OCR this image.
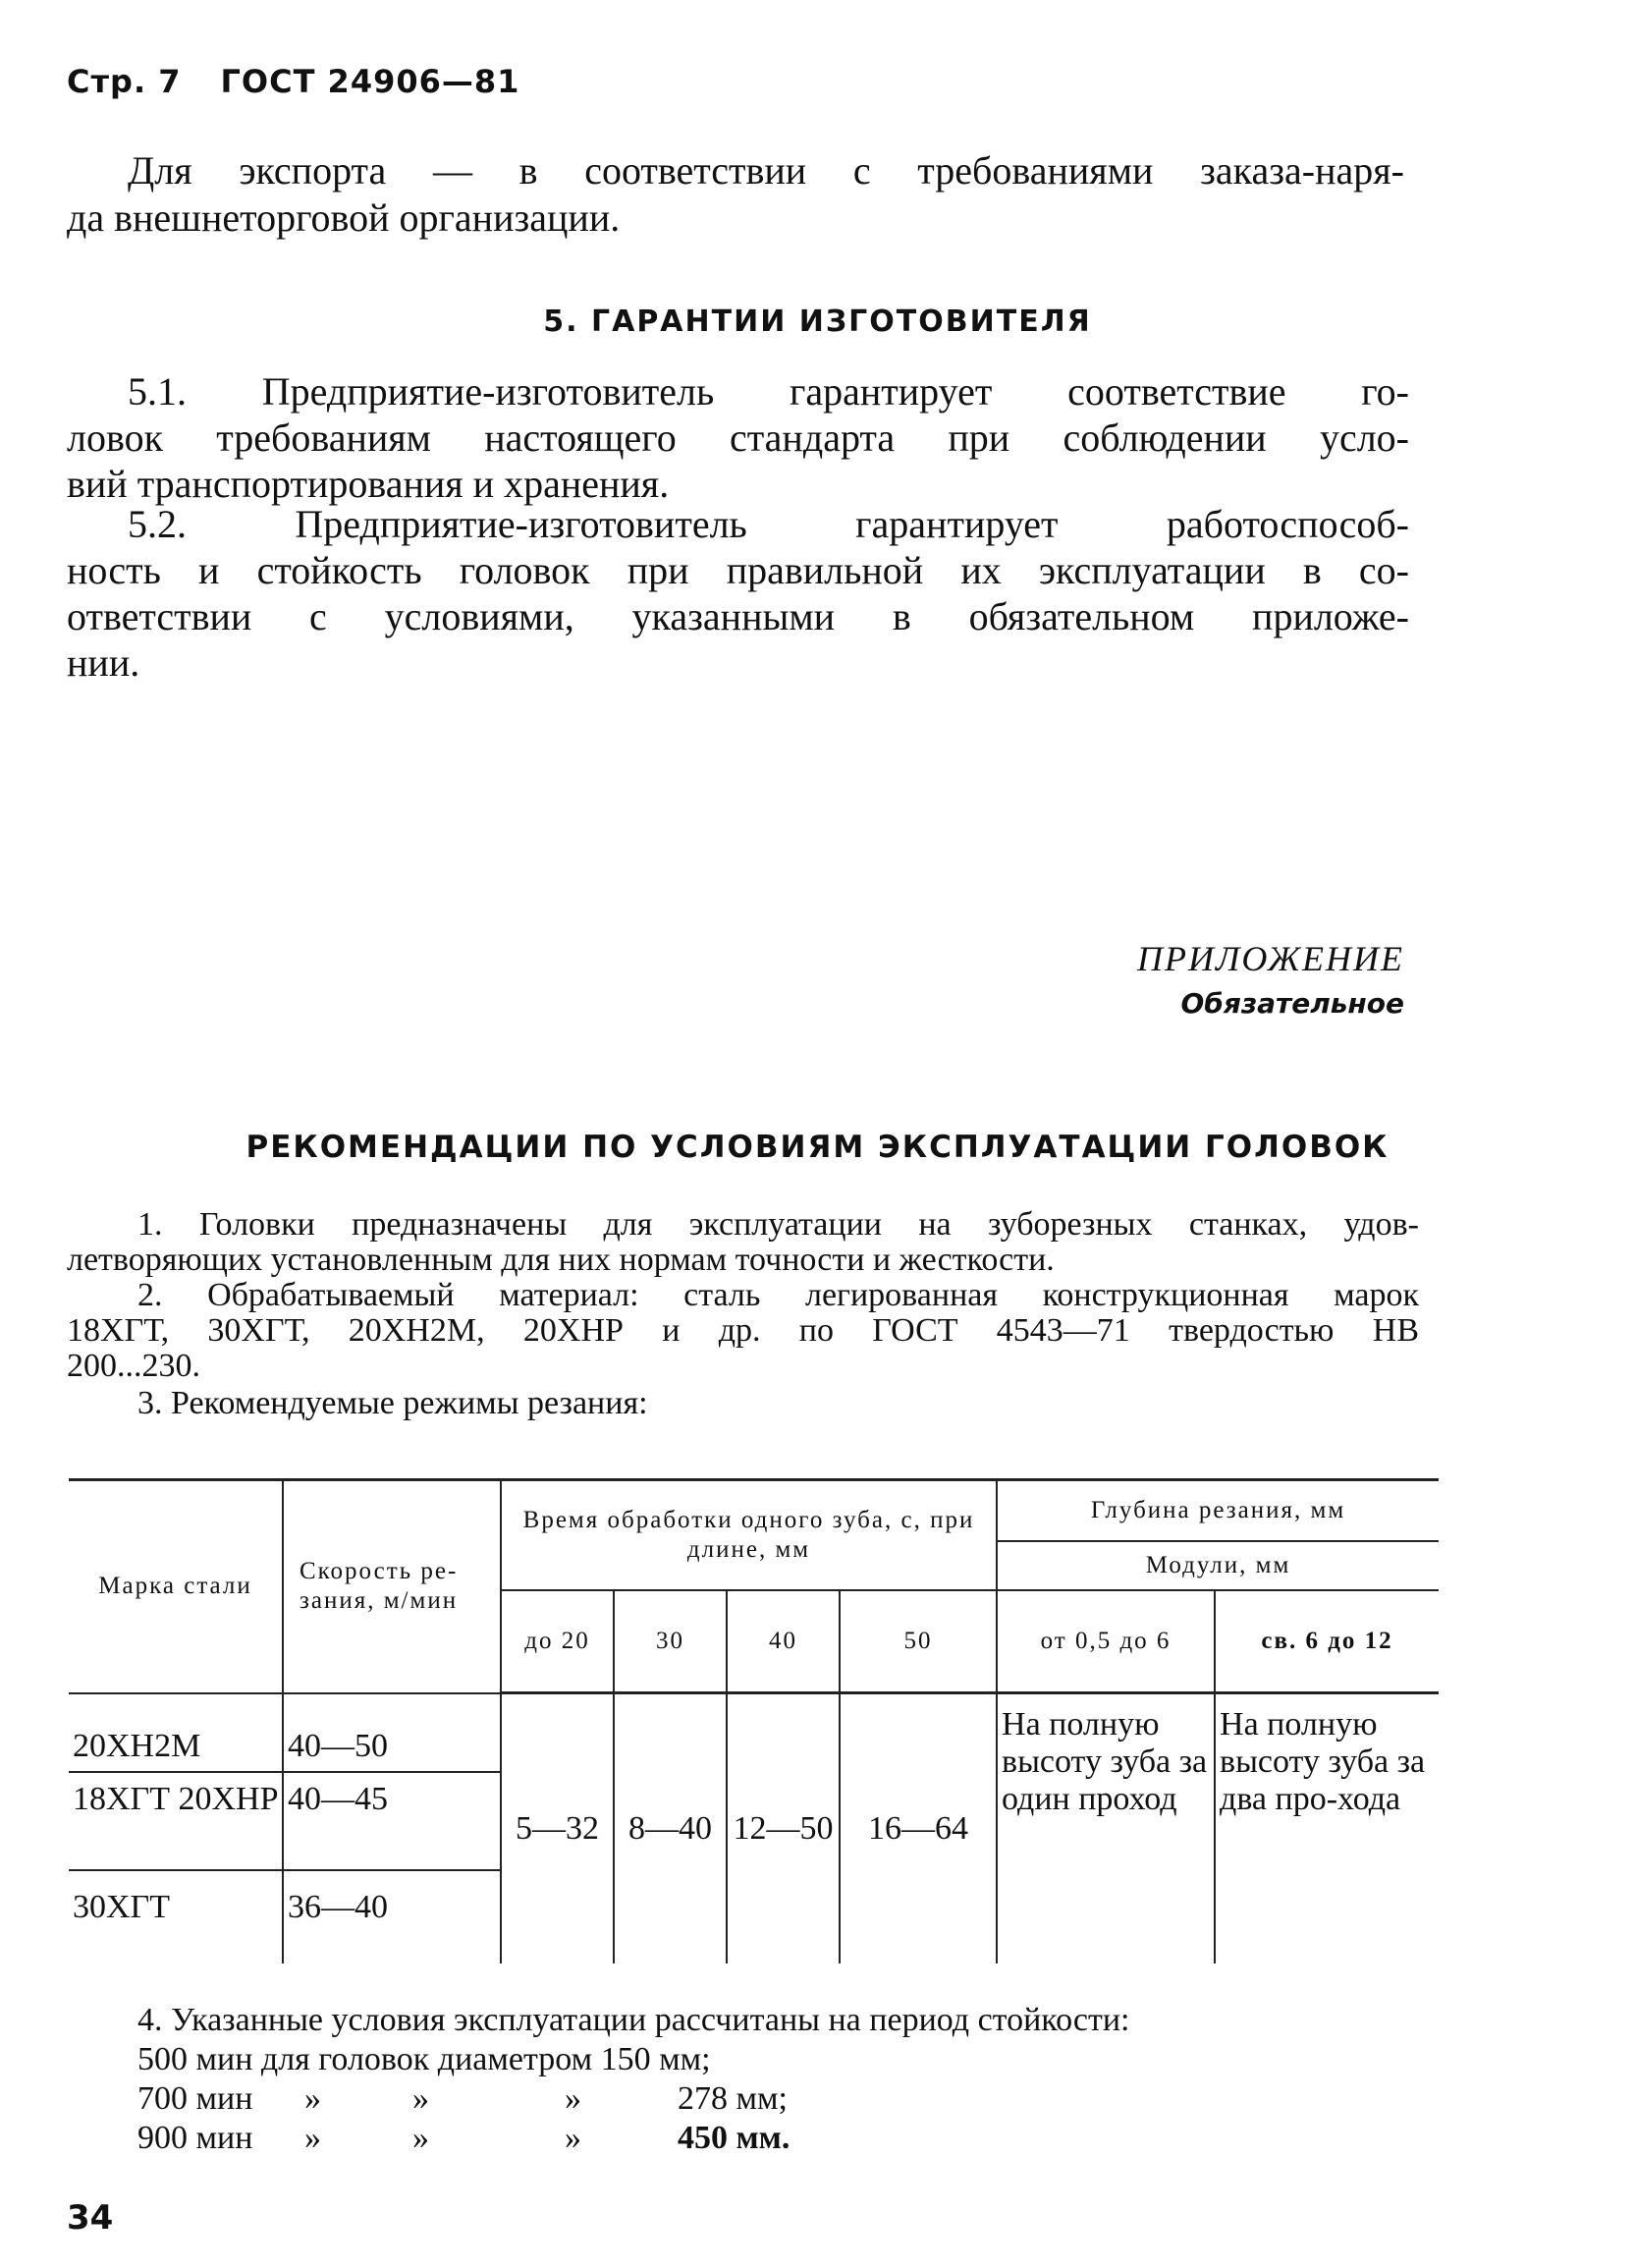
Стр. 7 ГОСТ 24906—81
Для экспорта — в соответствии с требованиями заказа-наря-
да внешнеторговой организации.
5. ГАРАНТИИ ИЗГОТОВИТЕЛЯ
5.1. Предприятие-изготовитель гарантирует соответствие го-
ловок требованиям настоящего стандарта при соблюдении усло-
вий транспортирования и хранения.
5.2. Предприятие-изготовитель гарантирует работоспособ-
ность и стойкость головок при правильной их эксплуатации в со-
ответствии с условиями, указанными в обязательном приложе-
нии.
ПРИЛОЖЕНИЕ
Обязательное
РЕКОМЕНДАЦИИ ПО УСЛОВИЯМ ЭКСПЛУАТАЦИИ ГОЛОВОК
1. Головки предназначены для эксплуатации на зуборезных станках, удов-
летворяющих установленным для них нормам точности и жесткости.
2. Обрабатываемый материал: сталь легированная конструкционная марок
18ХГТ, 30ХГТ, 20ХН2М, 20ХНР и др. по ГОСТ 4543—71 твердостью НВ
200...230.
3. Рекомендуемые режимы резания:
Марка стали	Скорость ре-зания, м/мин	Время обработки одного зуба, с, при длине, мм				Глубина резания, мм	
						Модули, мм	
		до 20	30	40	50	от 0,5 до 6	св. 6 до 12
20ХН2М	40—50	5—32	8—40	12—50	16—64	На полную высоту зуба за один проход	На полную высоту зуба за два про-хода
18ХГТ 20ХНР	40—45						
30ХГТ	36—40						
4. Указанные условия эксплуатации рассчитаны на период стойкости:
500 мин для головок диаметром 150 мм;
700 мин »	»	»	278 мм;
900 мин »	»	»	450 мм.
34
